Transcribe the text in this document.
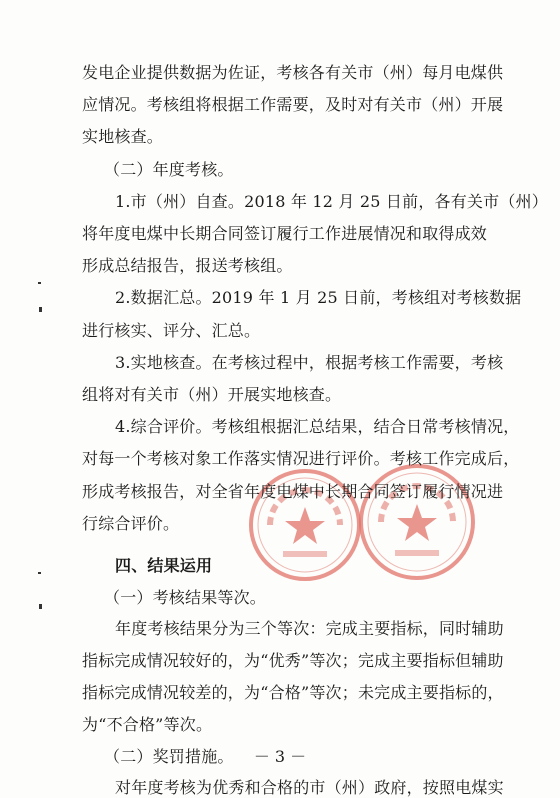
发电企业提供数据为佐证，考核各有关市（州）每月电煤供
应情况。考核组将根据工作需要，及时对有关市（州）开展
实地核查。
（二）年度考核。
1.市（州）自查。2018 年 12 月 25 日前，各有关市（州）
将年度电煤中长期合同签订履行工作进展情况和取得成效
形成总结报告，报送考核组。
2.数据汇总。2019 年 1 月 25 日前，考核组对考核数据
进行核实、评分、汇总。
3.实地核查。在考核过程中，根据考核工作需要，考核
组将对有关市（州）开展实地核查。
4.综合评价。考核组根据汇总结果，结合日常考核情况，
对每一个考核对象工作落实情况进行评价。考核工作完成后，
形成考核报告，对全省年度电煤中长期合同签订履行情况进
行综合评价。
四、结果运用
（一）考核结果等次。
年度考核结果分为三个等次：完成主要指标，同时辅助
指标完成情况较好的，为“优秀”等次；完成主要指标但辅助
指标完成情况较差的，为“合格”等次；未完成主要指标的，
为“不合格”等次。
（二）奖罚措施。
对年度考核为优秀和合格的市（州）政府，按照电煤实
－ 3 －
